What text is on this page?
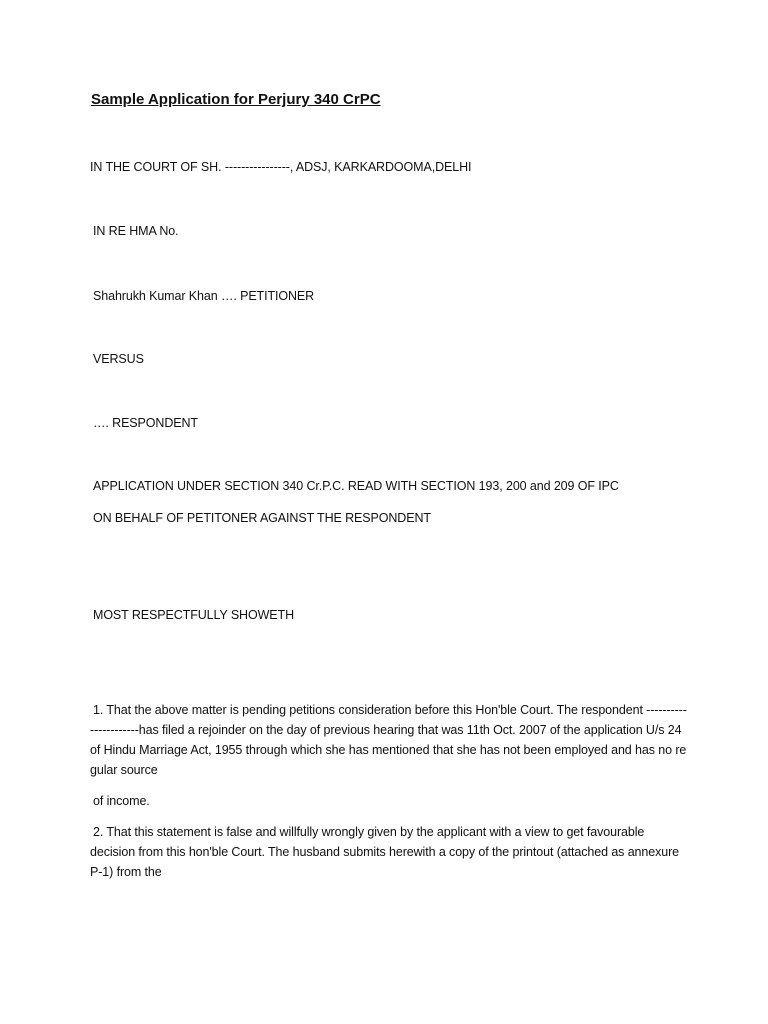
Sample Application for Perjury 340 CrPC
IN THE COURT OF SH. ----------------, ADSJ, KARKARDOOMA,DELHI
IN RE HMA No.
Shahrukh Kumar Khan …. PETITIONER
VERSUS
…. RESPONDENT
APPLICATION UNDER SECTION 340 Cr.P.C. READ WITH SECTION 193, 200 and 209 OF IPC
ON BEHALF OF PETITONER AGAINST THE RESPONDENT
MOST RESPECTFULLY SHOWETH
1. That the above matter is pending petitions consideration before this Hon'ble Court. The respondent ----------------------has filed a rejoinder on the day of previous hearing that was 11th Oct. 2007 of the application U/s 24 of Hindu Marriage Act, 1955 through which she has mentioned that she has not been employed and has no regular source
of income.
2. That this statement is false and willfully wrongly given by the applicant with a view to get favourable decision from this hon'ble Court. The husband submits herewith a copy of the printout (attached as annexure P-1) from the
